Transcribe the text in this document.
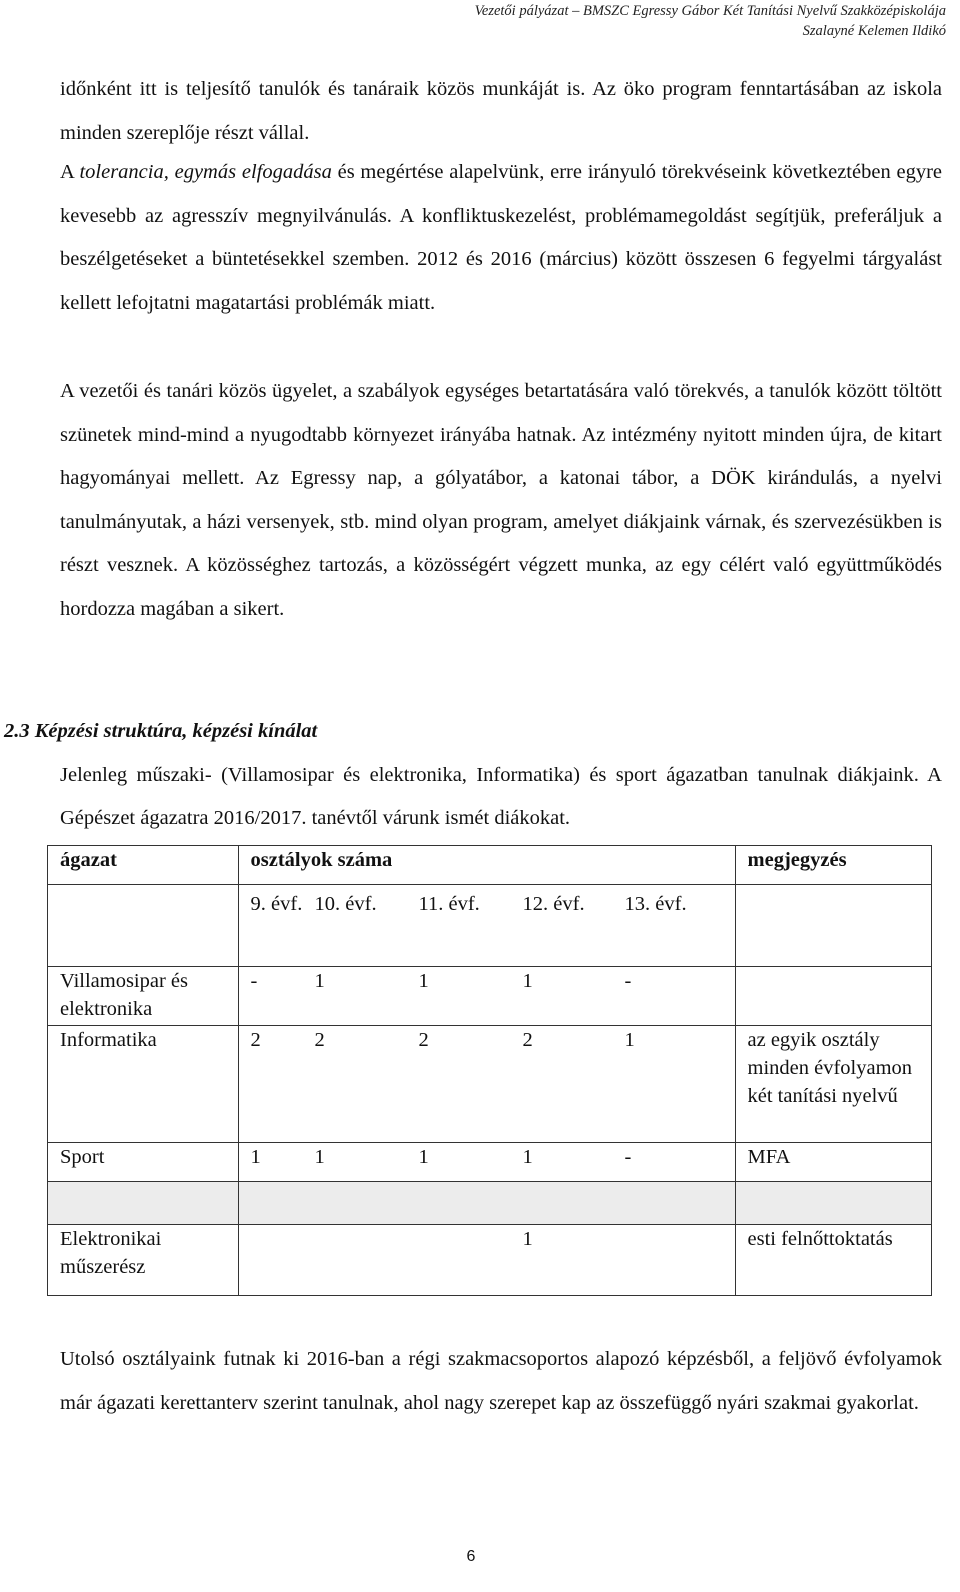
Vezetői pályázat – BMSZC Egressy Gábor Két Tanítási Nyelvű Szakközépiskolája
Szalayné Kelemen Ildikó

időnként itt is teljesítő tanulók és tanáraik közös munkáját is. Az öko program fenntartásában az iskola minden szereplője részt vállal.

A tolerancia, egymás elfogadása és megértése alapelvünk, erre irányuló törekvéseink következtében egyre kevesebb az agresszív megnyilvánulás. A konfliktuskezelést, problémamegoldást segítjük, preferáljuk a beszélgetéseket a büntetésekkel szemben. 2012 és 2016 (március) között összesen 6 fegyelmi tárgyalást kellett lefojtatni magatartási problémák miatt.

A vezetői és tanári közös ügyelet, a szabályok egységes betartatására való törekvés, a tanulók között töltött szünetek mind-mind a nyugodtabb környezet irányába hatnak. Az intézmény nyitott minden újra, de kitart hagyományai mellett. Az Egressy nap, a gólyatábor, a katonai tábor, a DÖK kirándulás, a nyelvi tanulmányutak, a házi versenyek, stb. mind olyan program, amelyet diákjaink várnak, és szervezésükben is részt vesznek. A közösséghez tartozás, a közösségért végzett munka, az egy célért való együttműködés hordozza magában a sikert.

2.3 Képzési struktúra, képzési kínálat

Jelenleg műszaki- (Villamosipar és elektronika, Informatika) és sport ágazatban tanulnak diákjaink. A Gépészet ágazatra 2016/2017. tanévtől várunk ismét diákokat.

ágazat	osztályok száma	megjegyzés

	9. évf. 10. évf. 11. évf. 12. évf. 13. évf.	

Villamosipar és elektronika	- 1 1 1 -	

Informatika	2 2 2 2 1	az egyik osztály minden évfolyamon két tanítási nyelvű
Sport	1 1 1 1 -	MFA

Elektronikai műszerész	1	esti felnőttoktatás

Utolsó osztályaink futnak ki 2016-ban a régi szakmacsoportos alapozó képzésből, a feljövő évfolyamok már ágazati kerettanterv szerint tanulnak, ahol nagy szerepet kap az összefüggő nyári szakmai gyakorlat.

6
